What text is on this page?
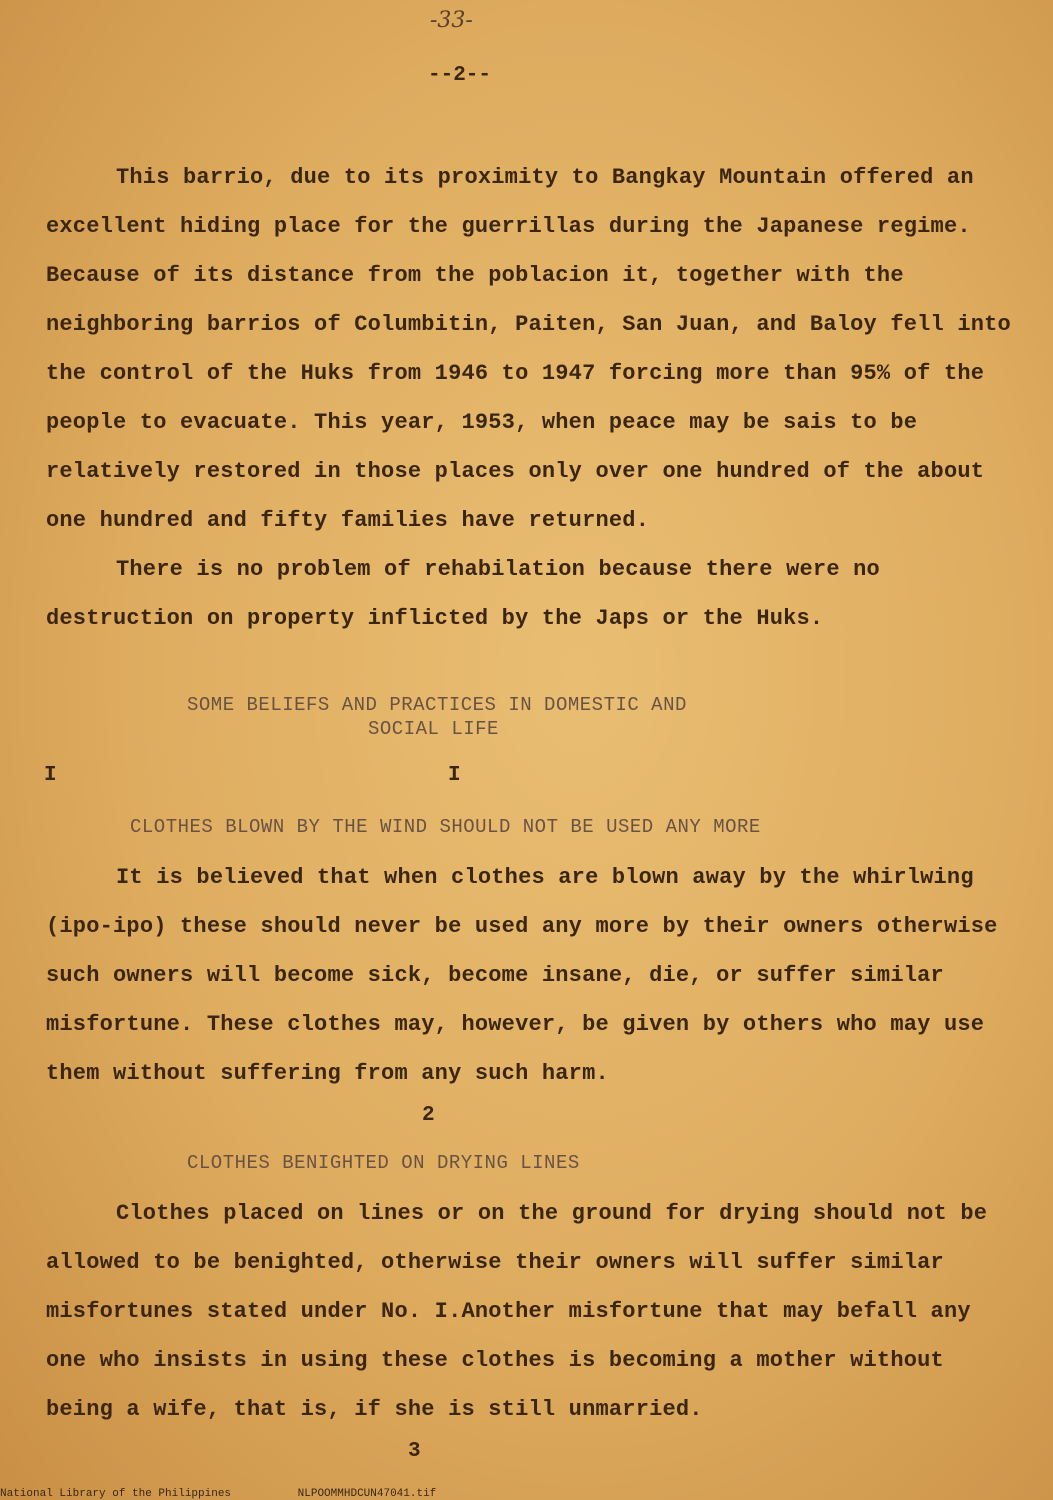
-33-
--2--

This barrio, due to its proximity to Bangkay Mountain offered an excellent hiding place for the guerrillas during the Japanese regime. Because of its distance from the poblacion it, together with the neighboring barrios of Columbitin, Paiten, San Juan, and Baloy fell into the control of the Huks from 1946 to 1947 forcing more than 95% of the people to evacuate. This year, 1953, when peace may be sais to be relatively restored in those places only over one hundred of the about one hundred and fifty families have returned.

There is no problem of rehabilation because there were no destruction on property inflicted by the Japs or the Huks.

SOME BELIEFS AND PRACTICES IN DOMESTIC AND
SOCIAL LIFE
I	I
CLOTHES BLOWN BY THE WIND SHOULD NOT BE USED ANY MORE

It is believed that when clothes are blown away by the whirlwing (ipo-ipo) these should never be used any more by their owners otherwise such owners will become sick, become insane, die, or suffer similar misfortune. These clothes may, however, be given by others who may use them without suffering from any such harm.

2
CLOTHES BENIGHTED ON DRYING LINES

Clothes placed on lines or on the ground for drying should not be allowed to be benighted, otherwise their owners will suffer similar misfortunes stated under No. I.Another misfortune that may befall any one who insists in using these clothes is becoming a mother without being a wife, that is, if she is still unmarried.

3
National Library of the Philippines	NLPOOMMHDCUN47041.tif
